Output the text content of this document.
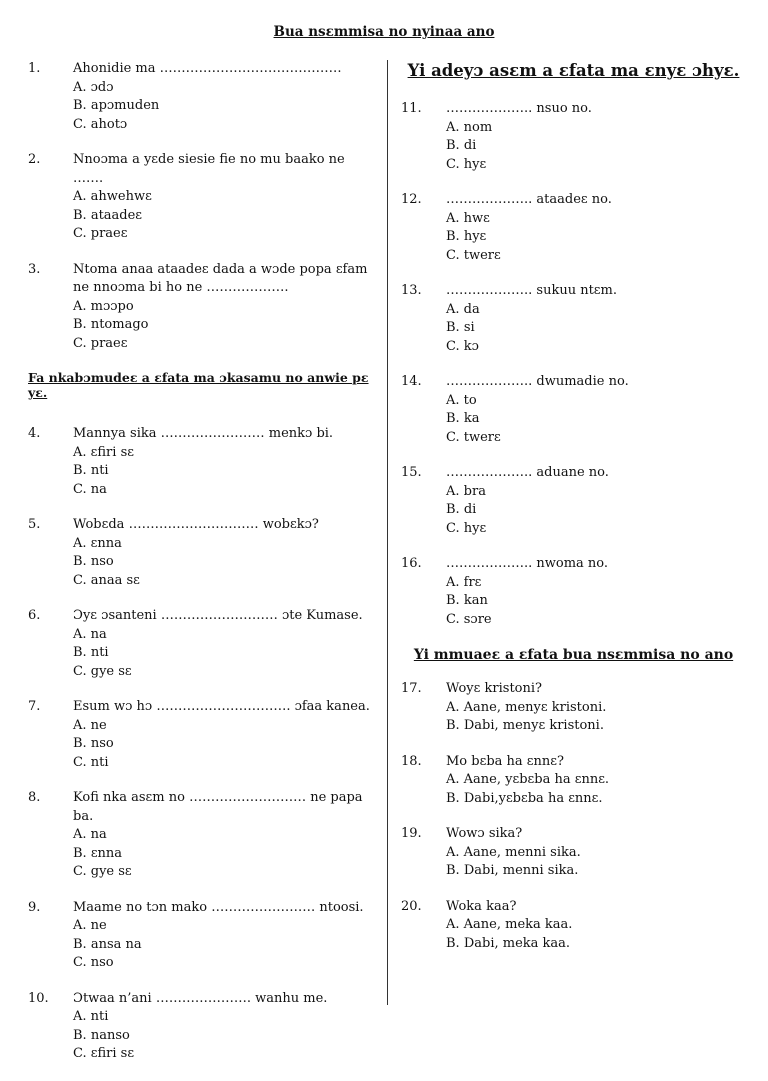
Bua nsɛmmisa no nyinaa ano
1.	Ahonidie ma ……………………………………
A. ɔdɔ
B. apɔmuden
C. ahotɔ
2.	Nnoɔma a yɛde siesie fie no mu baako ne …….
A. ahwehwɛ
B. ataadeɛ
C. praeɛ
3.	Ntoma anaa ataadeɛ dada a wɔde popa ɛfam
ne nnoɔma bi ho ne ……………….
A. mɔɔpo
B. ntomago
C. praeɛ
Fa nkabɔmudeɛ a ɛfata ma ɔkasamu no anwie pɛ yɛ.
4.	Mannya sika …………………… menkɔ bi.
A. ɛfiri sɛ
B. nti
C. na
5.	Wobɛda ………………………… wobɛkɔ?
A. ɛnna
B. nso
C. anaa sɛ
6.	Ɔyɛ ɔsanteni ……………………… ɔte Kumase.
A. na
B. nti
C. gye sɛ
7.	Esum wɔ hɔ …………………………. ɔfaa kanea.
A. ne
B. nso
C. nti
8.	Kofi nka asɛm no ……………………… ne papa ba.
A. na
B. ɛnna
C. gye sɛ
9.	Maame no tɔn mako …………………… ntoosi.
A. ne
B. ansa na
C. nso
10.	Ɔtwaa n’ani …………………. wanhu me.
A. nti
B. nanso
C. ɛfiri sɛ
Yi adeyɔ asɛm a ɛfata ma ɛnyɛ ɔhyɛ.
11.	……………….. nsuo no.
A. nom
B. di
C. hyɛ
12.	……………….. ataadeɛ no.
A. hwɛ
B. hyɛ
C. twerɛ
13.	……………….. sukuu ntɛm.
A. da
B. si
C. kɔ
14.	……………….. dwumadie no.
A. to
B. ka
C. twerɛ
15.	……………….. aduane no.
A. bra
B. di
C. hyɛ
16.	……………….. nwoma no.
A. frɛ
B. kan
C. sɔre
Yi mmuaeɛ a ɛfata bua nsɛmmisa no ano
17.	Woyɛ kristoni?
A. Aane, menyɛ kristoni.
B. Dabi, menyɛ kristoni.
18.	Mo bɛba ha ɛnnɛ?
A. Aane, yɛbɛba ha ɛnnɛ.
B. Dabi,yɛbɛba ha ɛnnɛ.
19.	Wowɔ sika?
A. Aane, menni sika.
B. Dabi, menni sika.
20.	Woka kaa?
A. Aane, meka kaa.
B. Dabi, meka kaa.
